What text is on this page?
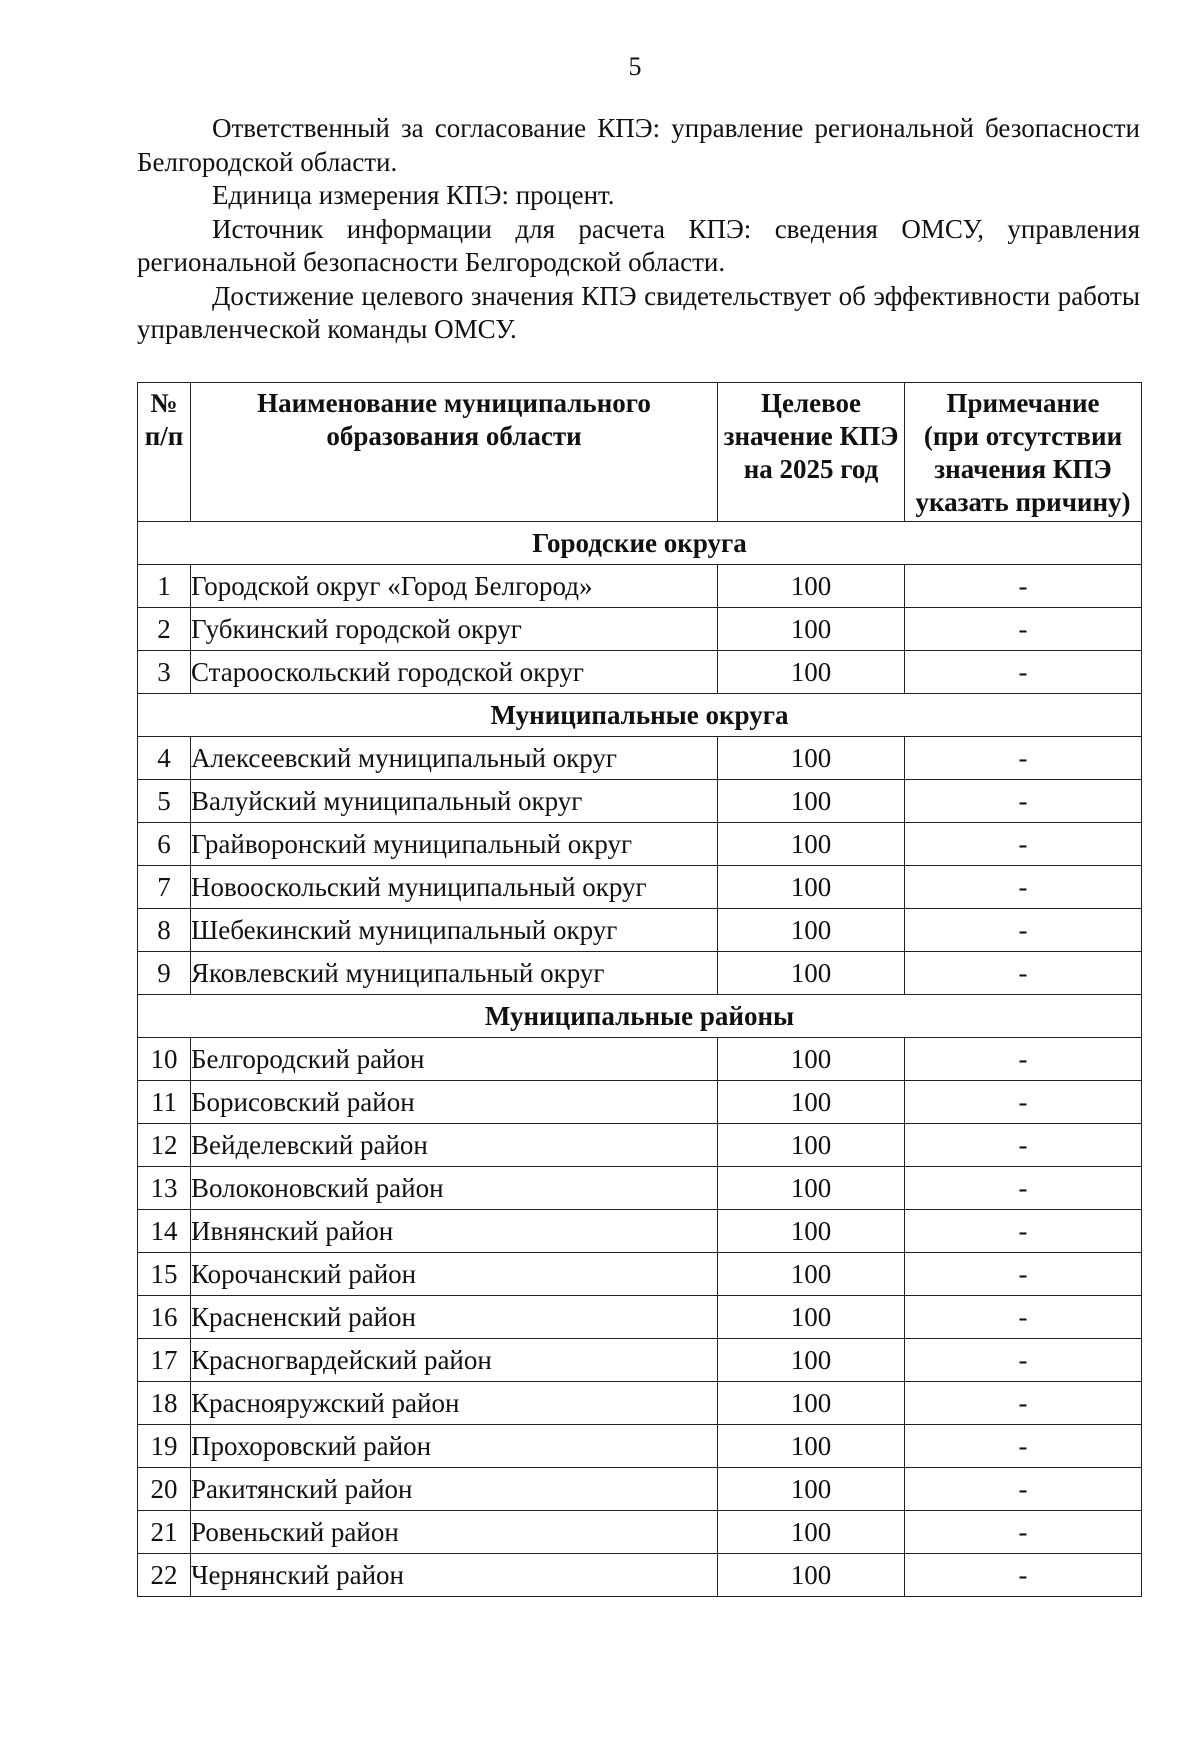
5

Ответственный за согласование КПЭ: управление региональной безопасности Белгородской области.

Единица измерения КПЭ: процент.

Источник информации для расчета КПЭ: сведения ОМСУ, управления региональной безопасности Белгородской области.

Достижение целевого значения КПЭ свидетельствует об эффективности работы управленческой команды ОМСУ.

№ п/п	Наименование муниципального образования области	Целевое значение КПЭ на 2025 год	Примечание
(при отсутствии значения КПЭ указать причину)
Городские округа			
1	Городской округ «Город Белгород»	100	-
2	Губкинский городской округ	100	-
3	Старооскольский городской округ	100	-
Муниципальные округа			
4	Алексеевский муниципальный округ	100	-
5	Валуйский муниципальный округ	100	-
6	Грайворонский муниципальный округ	100	-
7	Новооскольский муниципальный округ	100	-
8	Шебекинский муниципальный округ	100	-
9	Яковлевский муниципальный округ	100	-
Муниципальные районы			
10	Белгородский район	100	-
11	Борисовский район	100	-
12	Вейделевский район	100	-
13	Волоконовский район	100	-
14	Ивнянский район	100	-
15	Корочанский район	100	-
16	Красненский район	100	-
17	Красногвардейский район	100	-
18	Краснояружский район	100	-
19	Прохоровский район	100	-
20	Ракитянский район	100	-
21	Ровеньский район	100	-
22	Чернянский район	100	-
